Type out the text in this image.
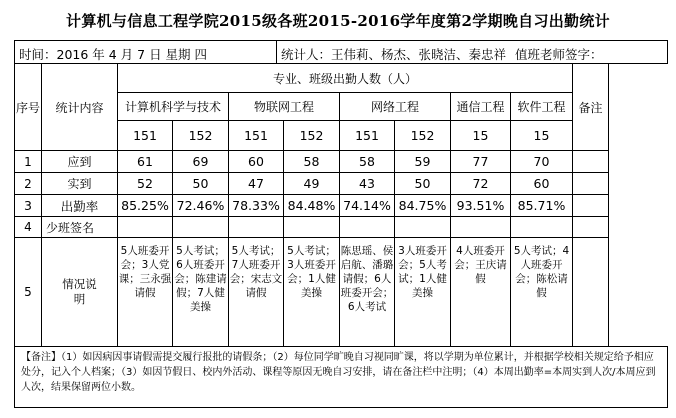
计算机与信息工程学院2015级各班2015-2016学年度第2学期晚自习出勤统计
时间：2016 年 4 月 7 日 星期 四	统计人：王伟莉、杨杰、张晓洁、秦忠祥 值班老师签字：
序号	统计内容	专业、班级出勤人数（人）								备注
		计算机科学与技术		物联网工程		网络工程		通信工程	软件工程	
		151	152	151	152	151	152	15	15	
1	应到	61	69	60	58	58	59	77	70	
2	实到	52	50	47	49	43	50	72	60	
3	出勤率	85.25%	72.46%	78.33%	84.48%	74.14%	84.75%	93.51%	85.71%	
4	少班签名									
5	情况说明	5人班委开会；3人党课；三永强请假	5人考试；6人班委开会；陈建请假；7人健美操	5人考试；7人班委开会；宋志文请假	5人考试；3人班委开会；1人健美操	陈思瑶、侯启航、潘璐请假；6人班委开会；6人考试	3人班委开会；5人考试；1人健美操	4人班委开会；王庆请假	5人考试；4人班委开会；陈松请假	
【备注】（1）如因病因事请假需提交履行报批的请假条；（2）每位同学旷晚自习视同旷课，将以学期为单位累计，并根据学校相关规定给予相应处分，记入个人档案；（3）如因节假日、校内外活动、课程等原因无晚自习安排，请在备注栏中注明；（4）本周出勤率=本周实到人次/本周应到人次，结果保留两位小数。
